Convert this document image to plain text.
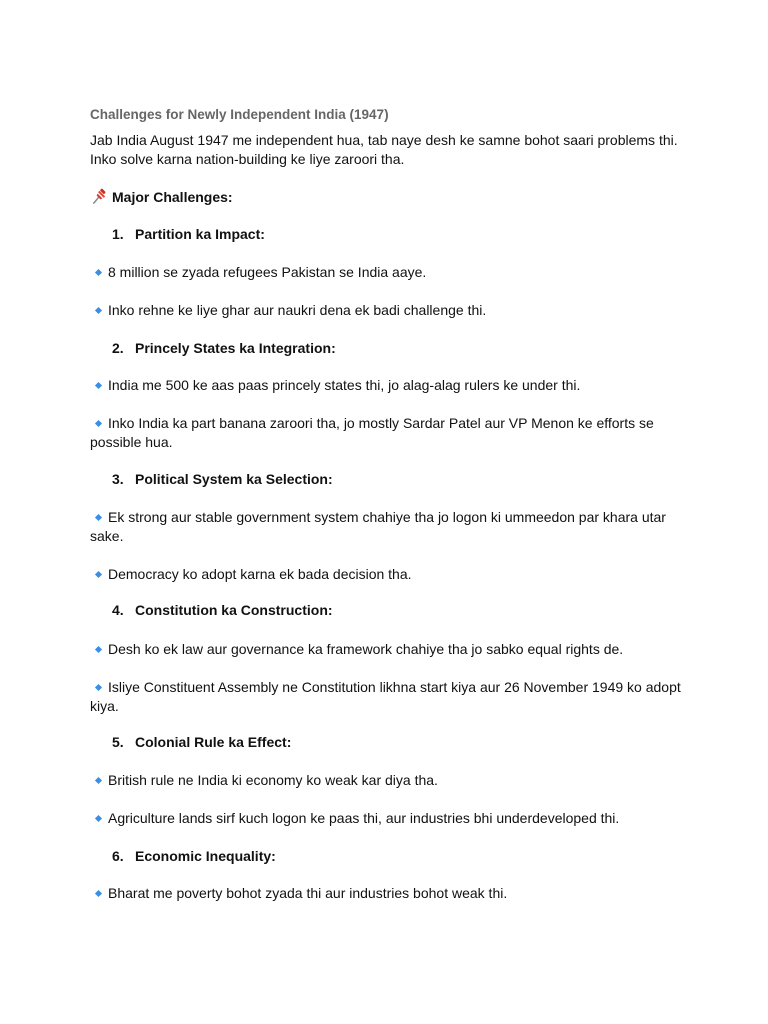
Challenges for Newly Independent India (1947)
Jab India August 1947 me independent hua, tab naye desh ke samne bohot saari problems thi. Inko solve karna nation-building ke liye zaroori tha.
Major Challenges:
1. Partition ka Impact:
8 million se zyada refugees Pakistan se India aaye.
Inko rehne ke liye ghar aur naukri dena ek badi challenge thi.
2. Princely States ka Integration:
India me 500 ke aas paas princely states thi, jo alag-alag rulers ke under thi.
Inko India ka part banana zaroori tha, jo mostly Sardar Patel aur VP Menon ke efforts se possible hua.
3. Political System ka Selection:
Ek strong aur stable government system chahiye tha jo logon ki ummeedon par khara utar sake.
Democracy ko adopt karna ek bada decision tha.
4. Constitution ka Construction:
Desh ko ek law aur governance ka framework chahiye tha jo sabko equal rights de.
Isliye Constituent Assembly ne Constitution likhna start kiya aur 26 November 1949 ko adopt kiya.
5. Colonial Rule ka Effect:
British rule ne India ki economy ko weak kar diya tha.
Agriculture lands sirf kuch logon ke paas thi, aur industries bhi underdeveloped thi.
6. Economic Inequality:
Bharat me poverty bohot zyada thi aur industries bohot weak thi.
